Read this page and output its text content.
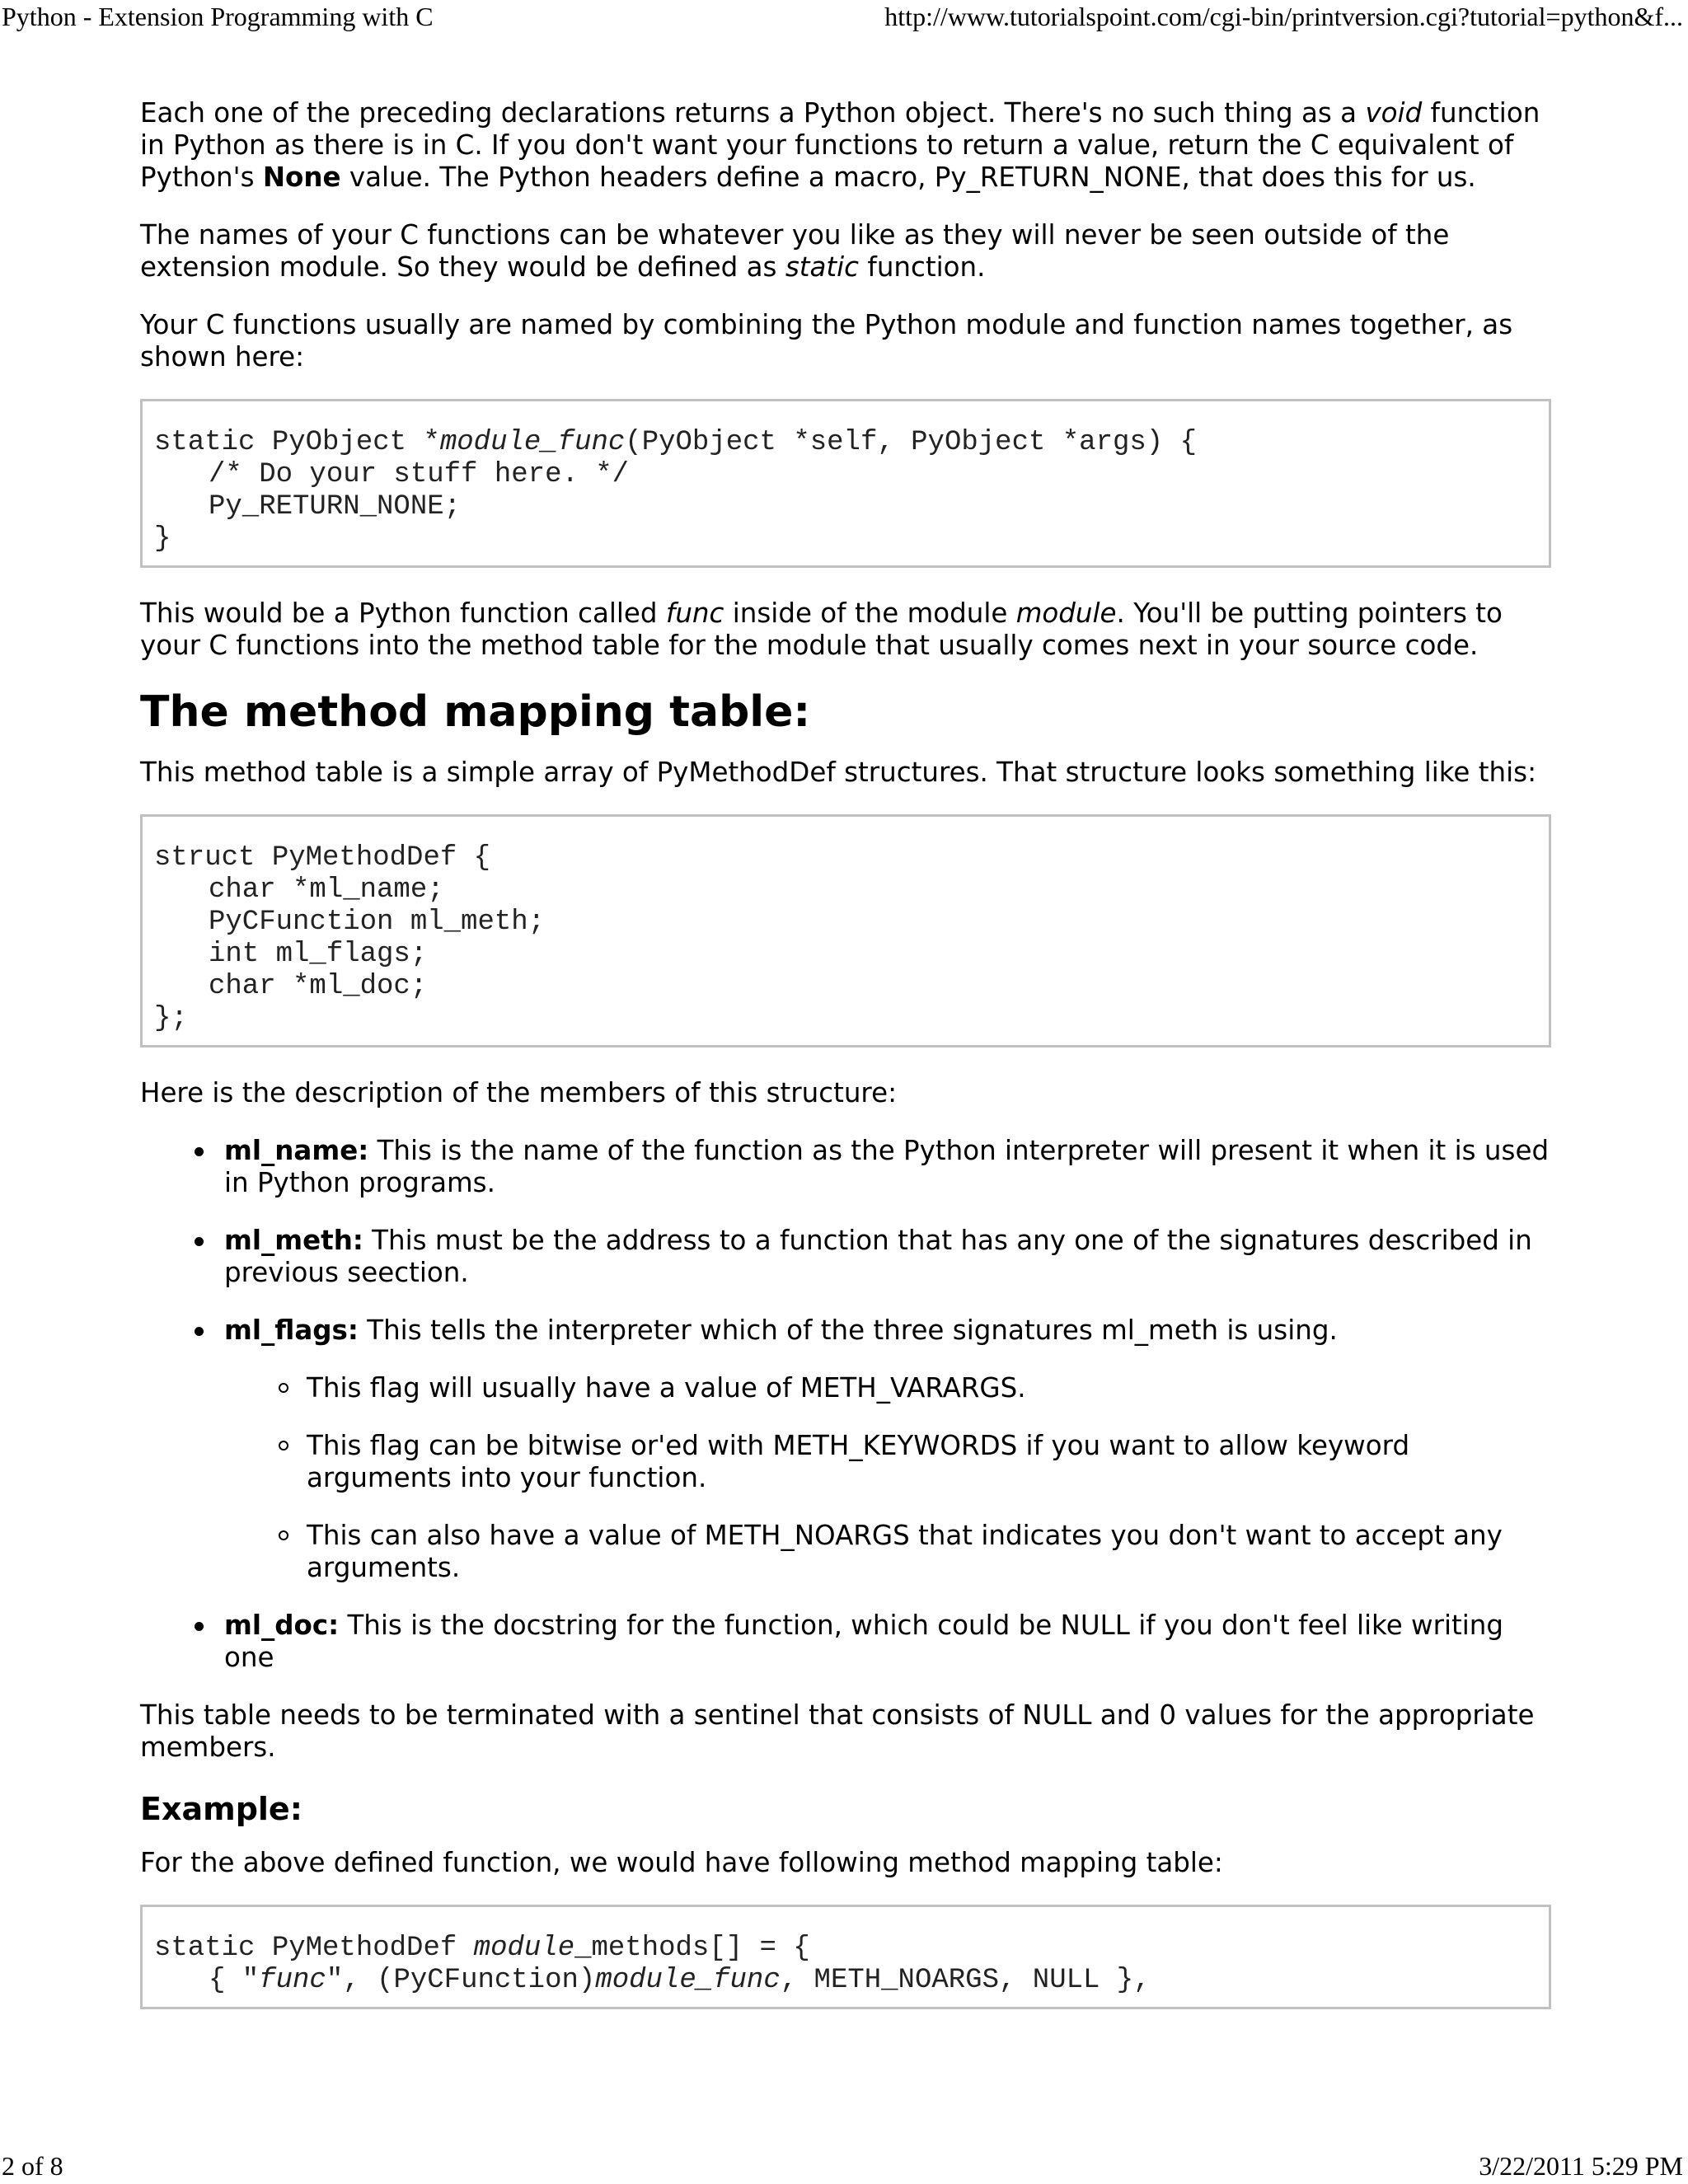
Python - Extension Programming with C	http://www.tutorialspoint.com/cgi-bin/printversion.cgi?tutorial=python&f...

Each one of the preceding declarations returns a Python object. There's no such thing as a void function in Python as there is in C. If you don't want your functions to return a value, return the C equivalent of Python's None value. The Python headers define a macro, Py_RETURN_NONE, that does this for us.

The names of your C functions can be whatever you like as they will never be seen outside of the extension module. So they would be defined as static function.

Your C functions usually are named by combining the Python module and function names together, as shown here:

static PyObject *module_func(PyObject *self, PyObject *args) {

/* Do your stuff here. */
Py_RETURN_NONE;
}

This would be a Python function called func inside of the module module. You'll be putting pointers to your C functions into the method table for the module that usually comes next in your source code.

The method mapping table:

This method table is a simple array of PyMethodDef structures. That structure looks something like this:

struct PyMethodDef {

char *ml_name;
PyCFunction ml_meth;
int ml_flags;
char *ml_doc;
};

Here is the description of the members of this structure:

ml_name: This is the name of the function as the Python interpreter will present it when it is used in Python programs.
ml_meth: This must be the address to a function that has any one of the signatures described in previous seection.
ml_flags: This tells the interpreter which of the three signatures ml_meth is using.
This flag will usually have a value of METH_VARARGS.
This flag can be bitwise or'ed with METH_KEYWORDS if you want to allow keyword arguments into your function.
This can also have a value of METH_NOARGS that indicates you don't want to accept any arguments.
ml_doc: This is the docstring for the function, which could be NULL if you don't feel like writing one

This table needs to be terminated with a sentinel that consists of NULL and 0 values for the appropriate members.

Example:

For the above defined function, we would have following method mapping table:

static PyMethodDef module_methods[] = {

{ "func", (PyCFunction)module_func, METH_NOARGS, NULL },
2 of 8	3/22/2011 5:29 PM
